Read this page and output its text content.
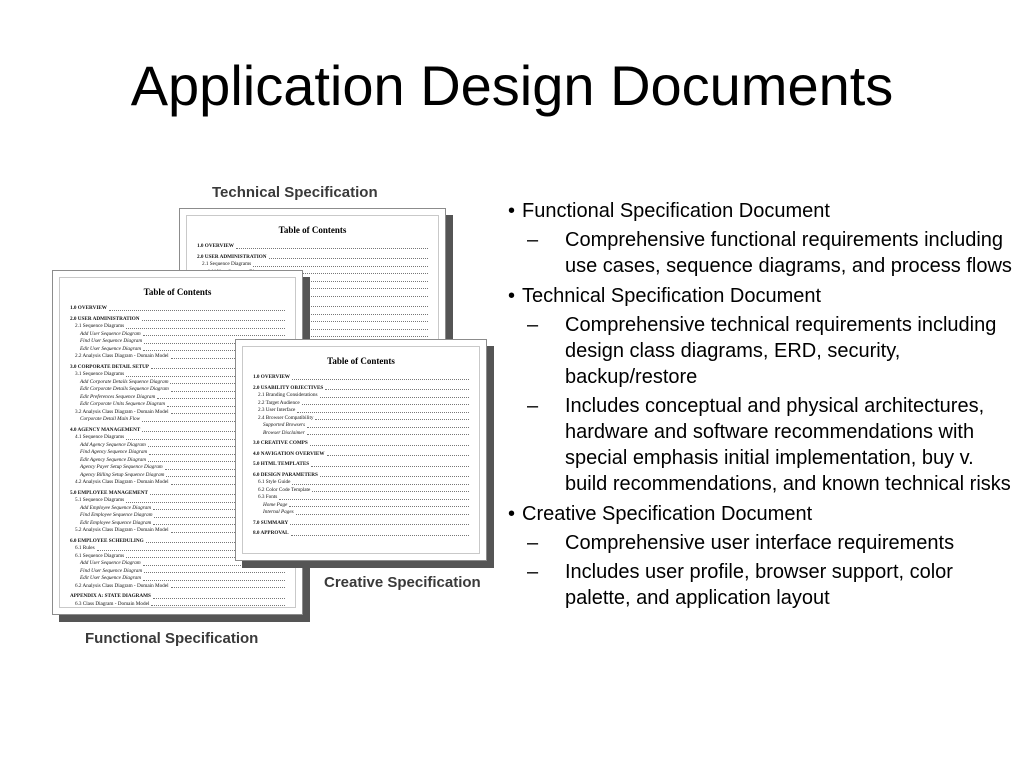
Application Design Documents
Technical Specification
Table of Contents
1.0 OVERVIEW
2.0 USER ADMINISTRATION
2.1 Sequence Diagrams
Table of Contents
1.0 OVERVIEW
2.0 USER ADMINISTRATION
2.1 Sequence Diagrams
Add User Sequence Diagram
Find User Sequence Diagram
Edit User Sequence Diagram
2.2 Analysis Class Diagram - Domain Model
3.0 CORPORATE DETAIL SETUP
3.1 Sequence Diagrams
Add Corporate Details Sequence Diagram
Edit Corporate Details Sequence Diagram
Edit Preferences Sequence Diagram
Edit Corporate Units Sequence Diagram
3.2 Analysis Class Diagram - Domain Model
Corporate Detail Main Flow
4.0 AGENCY MANAGEMENT
4.1 Sequence Diagrams
Add Agency Sequence Diagram
Find Agency Sequence Diagram
Edit Agency Sequence Diagram
Agency Payer Setup Sequence Diagram
Agency Billing Setup Sequence Diagram
4.2 Analysis Class Diagram - Domain Model
5.0 EMPLOYEE MANAGEMENT
5.1 Sequence Diagrams
Add Employee Sequence Diagram
Find Employee Sequence Diagram
Edit Employee Sequence Diagram
5.2 Analysis Class Diagram - Domain Model
6.0 EMPLOYEE SCHEDULING
6.1 Rules
6.1 Sequence Diagrams
Add User Sequence Diagram
Find User Sequence Diagram
Edit User Sequence Diagram
6.2 Analysis Class Diagram - Domain Model
APPENDIX A: STATE DIAGRAMS
6.3 Class Diagram - Domain Model
Table of Contents
1.0 OVERVIEW
2.0 USABILITY OBJECTIVES
2.1 Branding Considerations
2.2 Target Audience
2.3 User Interface
2.4 Browser Compatibility
Supported Browsers
Browser Disclaimer
3.0 CREATIVE COMPS
4.0 NAVIGATION OVERVIEW
5.0 HTML TEMPLATES
6.0 DESIGN PARAMETERS
6.1 Style Guide
6.2 Color Code Template
6.3 Fonts
Home Page
Internal Pages
7.0 SUMMARY
8.0 APPROVAL
Creative Specification
Functional Specification
• Functional Specification Document
–	Comprehensive functional requirements including use cases, sequence diagrams, and process flows
• Technical Specification Document
–	Comprehensive technical requirements including design class diagrams, ERD, security, backup/restore
–	Includes conceptual and physical architectures, hardware and software recommendations with special emphasis initial implementation, buy v. build recommendations, and known technical risks
• Creative Specification Document
–	Comprehensive user interface requirements
–	Includes user profile, browser support, color palette, and application layout
